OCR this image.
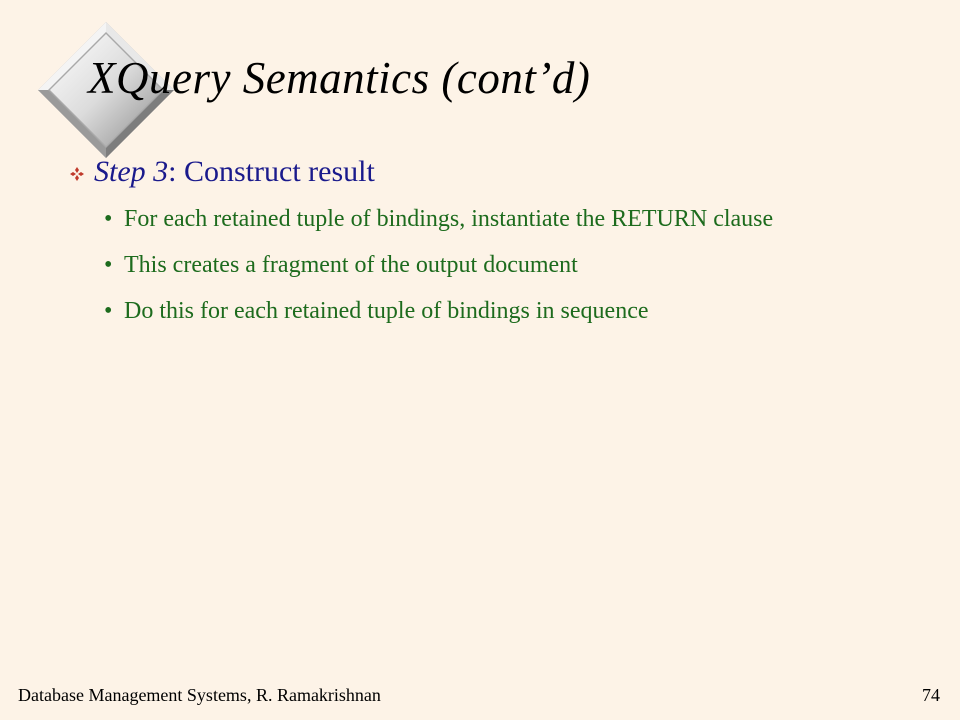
XQuery Semantics (cont’d)
Step 3: Construct result
• For each retained tuple of bindings, instantiate the RETURN clause
• This creates a fragment of the output document
• Do this for each retained tuple of bindings in sequence
Database Management Systems, R. Ramakrishnan	74
